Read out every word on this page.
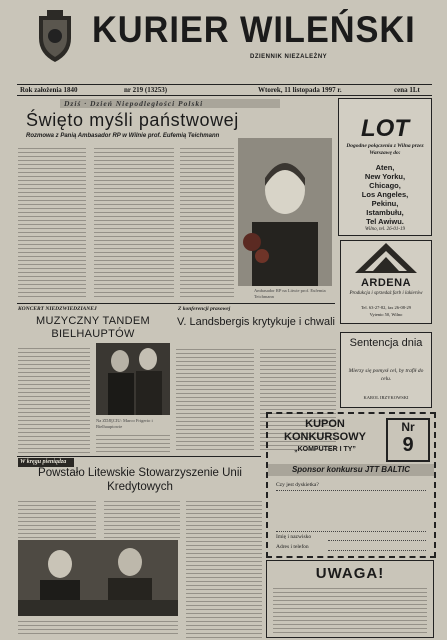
KURIER WILEŃSKI
DZIENNIK NIEZALEŻNY
Rok założenia 1840	nr 219 (13253)	Wtorek, 11 listopada 1997 r.	cena 1Lt
Dziś · Dzień Niepodległości Polski
Święto myśli państwowej
Rozmowa z Panią Ambasador RP w Wilnie prof. Eufemią Teichmann
Ambasador RP na Litwie prof. Eufemia Teichmann
LOT
Dogodne połączenia z Wilna przez Warszawę do:
Aten,
New Yorku,
Chicago,
Los Angeles,
Pekinu,
Istambułu,
Tel Awiwu.
Wilno, tel. 26-01-19
ARDENA
Produkcja i sprzedaż farb i lakierów
Tel. 63-27-82, fax 26-08-29
Vytenio 50, Wilno
KONCERT NIEDZWIEDZIANEJ
MUZYCZNY TANDEM BIELHAUPTÓW
Na ZDJĘCIU: Marco Frigerio i Bielhauptowie
Z konferencji prasowej
V. Landsbergis krytykuje i chwali
Sentencja dnia
Mierzy się pomysł cel, by trafił do celu.
KAROL IRZYKOWSKI
W kręgu pieniądza
Powstało Litewskie Stowarzyszenie Unii Kredytowych
KUPON KONKURSOWY
„KOMPUTER I TY”
Nr
9
Sponsor konkursu JTT BALTIC
Czy jest dyskietka?
Imię i nazwisko
Adres i telefon
UWAGA!
